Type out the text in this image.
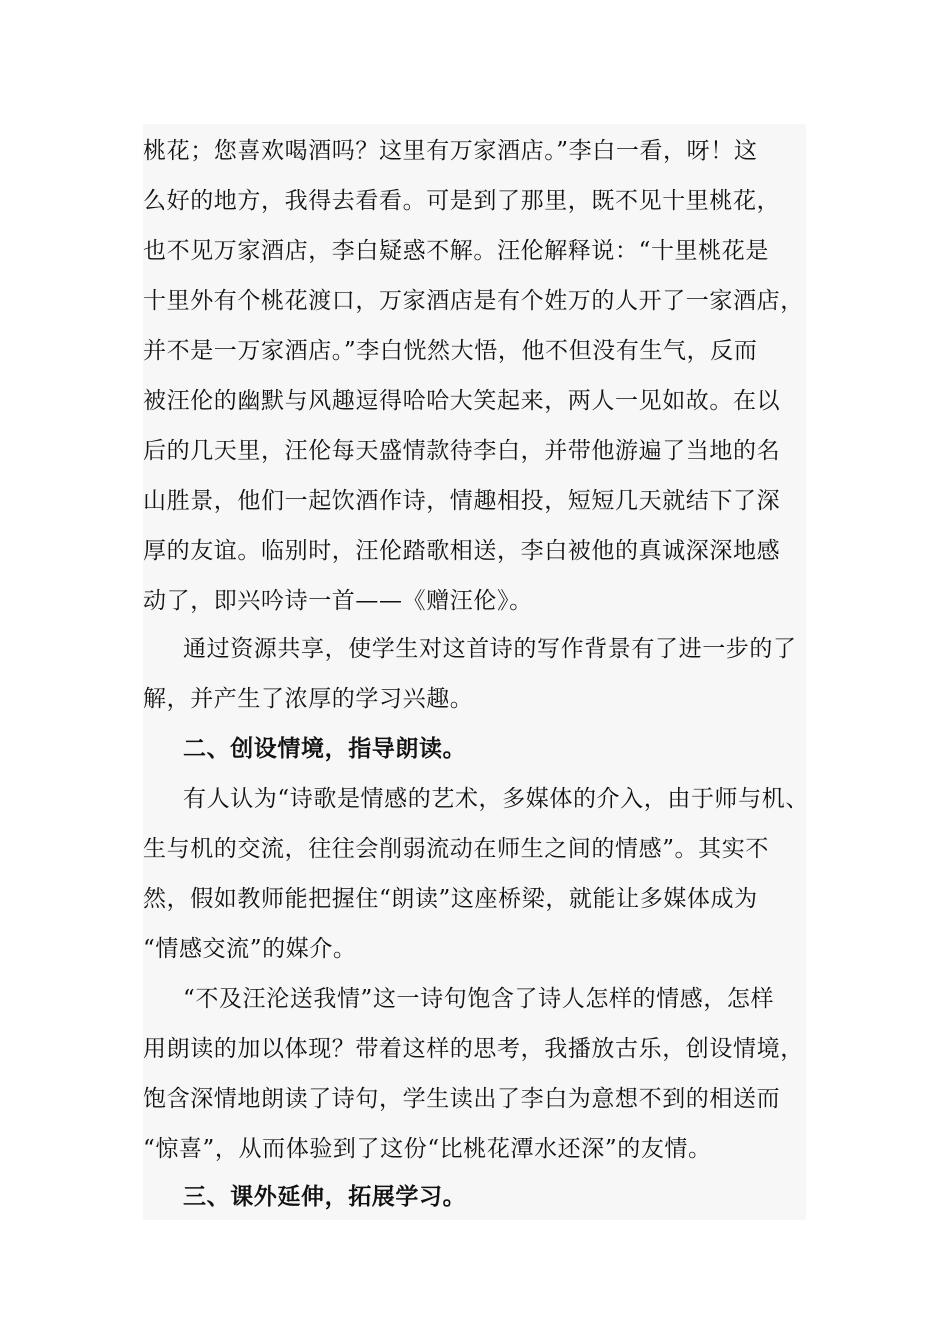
桃花；您喜欢喝酒吗？这里有万家酒店。”李白一看，呀！这
么好的地方，我得去看看。可是到了那里，既不见十里桃花，
也不见万家酒店，李白疑惑不解。汪伦解释说：“十里桃花是
十里外有个桃花渡口，万家酒店是有个姓万的人开了一家酒店，
并不是一万家酒店。”李白恍然大悟，他不但没有生气，反而
被汪伦的幽默与风趣逗得哈哈大笑起来，两人一见如故。在以
后的几天里，汪伦每天盛情款待李白，并带他游遍了当地的名
山胜景，他们一起饮酒作诗，情趣相投，短短几天就结下了深
厚的友谊。临别时，汪伦踏歌相送，李白被他的真诚深深地感
动了，即兴吟诗一首——《赠汪伦》。
通过资源共享，使学生对这首诗的写作背景有了进一步的了
解，并产生了浓厚的学习兴趣。
二、创设情境，指导朗读。
有人认为“诗歌是情感的艺术，多媒体的介入，由于师与机、
生与机的交流，往往会削弱流动在师生之间的情感”。其实不
然，假如教师能把握住“朗读”这座桥梁，就能让多媒体成为
“情感交流”的媒介。
“不及汪沦送我情”这一诗句饱含了诗人怎样的情感，怎样
用朗读的加以体现？带着这样的思考，我播放古乐，创设情境，
饱含深情地朗读了诗句，学生读出了李白为意想不到的相送而
“惊喜”，从而体验到了这份“比桃花潭水还深”的友情。
三、课外延伸，拓展学习。
